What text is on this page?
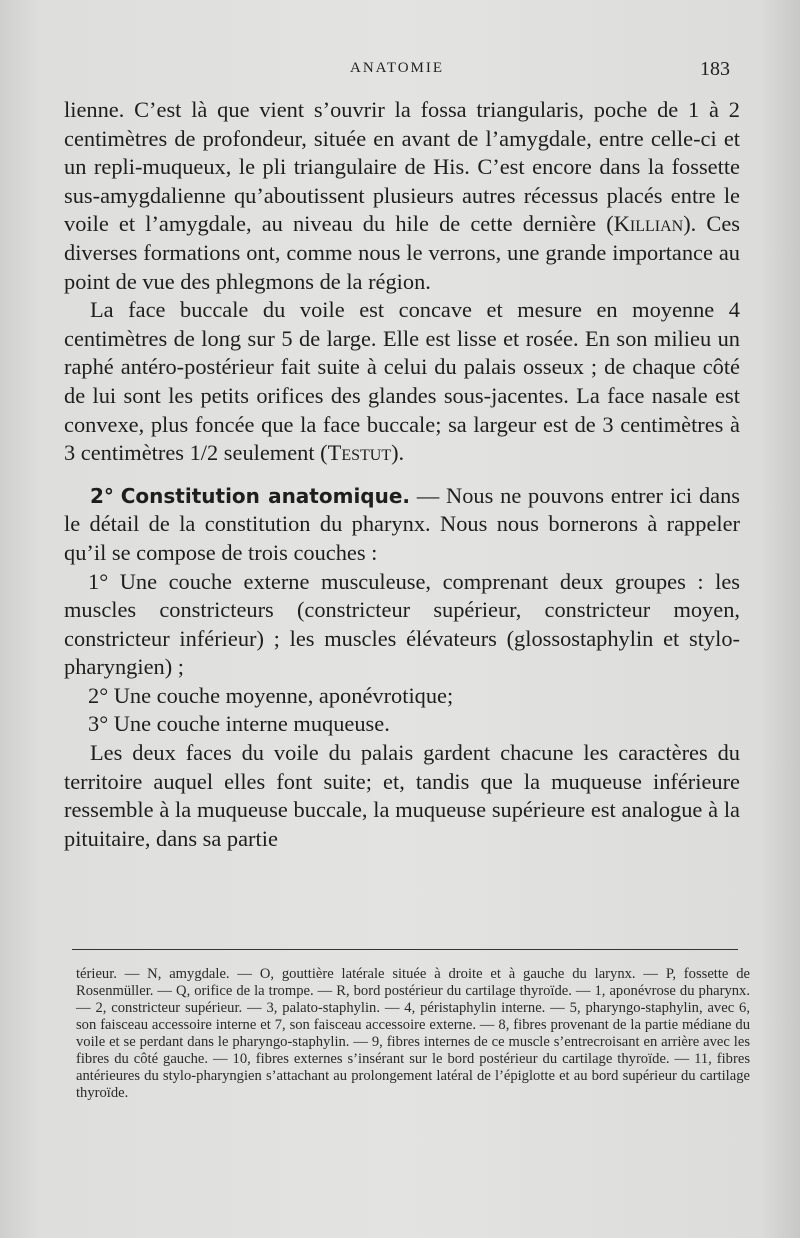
ANATOMIE	183

lienne. C’est là que vient s’ouvrir la fossa triangularis, poche de 1 à 2 centimètres de profondeur, située en avant de l’amygdale, entre celle-ci et un repli-muqueux, le pli triangulaire de His. C’est encore dans la fossette sus-amygdalienne qu’aboutissent plusieurs autres récessus placés entre le voile et l’amygdale, au niveau du hile de cette dernière (Killian). Ces diverses formations ont, comme nous le verrons, une grande importance au point de vue des phlegmons de la région.

La face buccale du voile est concave et mesure en moyenne 4 centimètres de long sur 5 de large. Elle est lisse et rosée. En son milieu un raphé antéro-postérieur fait suite à celui du palais osseux ; de chaque côté de lui sont les petits orifices des glandes sous-jacentes. La face nasale est convexe, plus foncée que la face buccale; sa largeur est de 3 centimètres à 3 centimètres 1/2 seulement (Testut).

2° Constitution anatomique. — Nous ne pouvons entrer ici dans le détail de la constitution du pharynx. Nous nous bornerons à rappeler qu’il se compose de trois couches :

1° Une couche externe musculeuse, comprenant deux groupes : les muscles constricteurs (constricteur supérieur, constricteur moyen, constricteur inférieur) ; les muscles élévateurs (glossostaphylin et stylo-pharyngien) ;

2° Une couche moyenne, aponévrotique;

3° Une couche interne muqueuse.

Les deux faces du voile du palais gardent chacune les caractères du territoire auquel elles font suite; et, tandis que la muqueuse inférieure ressemble à la muqueuse buccale, la muqueuse supérieure est analogue à la pituitaire, dans sa partie

térieur. — N, amygdale. — O, gouttière latérale située à droite et à gauche du larynx. — P, fossette de Rosenmüller. — Q, orifice de la trompe. — R, bord postérieur du cartilage thyroïde. — 1, aponévrose du pharynx. — 2, constricteur supérieur. — 3, palato-staphylin. — 4, péristaphylin interne. — 5, pharyngo-staphylin, avec 6, son faisceau accessoire interne et 7, son faisceau accessoire externe. — 8, fibres provenant de la partie médiane du voile et se perdant dans le pharyngo-staphylin. — 9, fibres internes de ce muscle s’entrecroisant en arrière avec les fibres du côté gauche. — 10, fibres externes s’insérant sur le bord postérieur du cartilage thyroïde. — 11, fibres antérieures du stylo-pharyngien s’attachant au prolongement latéral de l’épiglotte et au bord supérieur du cartilage thyroïde.
